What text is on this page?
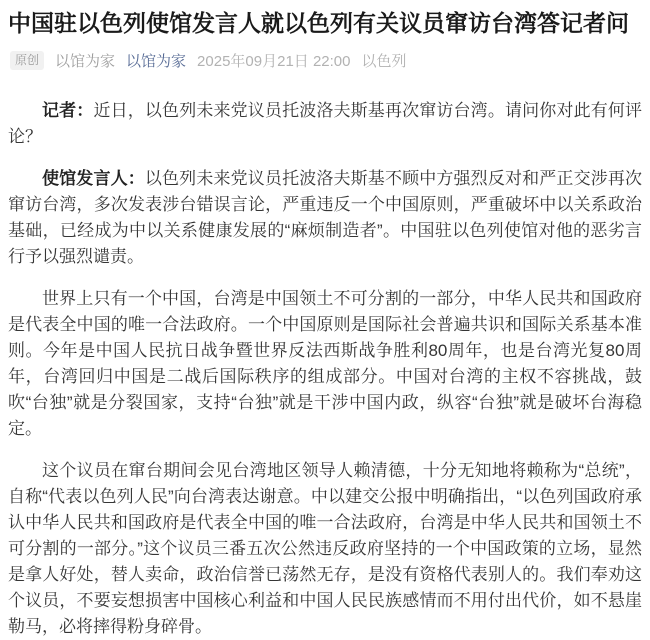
中国驻以色列使馆发言人就以色列有关议员窜访台湾答记者问
原创	以馆为家 以馆为家 2025年09月21日 22:00 以色列

记者：近日，以色列未来党议员托波洛夫斯基再次窜访台湾。请问你对此有何评论？

使馆发言人：以色列未来党议员托波洛夫斯基不顾中方强烈反对和严正交涉再次窜访台湾，多次发表涉台错误言论，严重违反一个中国原则，严重破坏中以关系政治基础，已经成为中以关系健康发展的“麻烦制造者”。中国驻以色列使馆对他的恶劣言行予以强烈谴责。

世界上只有一个中国，台湾是中国领土不可分割的一部分，中华人民共和国政府是代表全中国的唯一合法政府。一个中国原则是国际社会普遍共识和国际关系基本准则。今年是中国人民抗日战争暨世界反法西斯战争胜利80周年，也是台湾光复80周年，台湾回归中国是二战后国际秩序的组成部分。中国对台湾的主权不容挑战，鼓吹“台独”就是分裂国家，支持“台独”就是干涉中国内政，纵容“台独”就是破坏台海稳定。

这个议员在窜台期间会见台湾地区领导人赖清德，十分无知地将赖称为“总统”，自称“代表以色列人民”向台湾表达谢意。中以建交公报中明确指出，“以色列国政府承认中华人民共和国政府是代表全中国的唯一合法政府，台湾是中华人民共和国领土不可分割的一部分。”这个议员三番五次公然违反政府坚持的一个中国政策的立场，显然是拿人好处，替人卖命，政治信誉已荡然无存，是没有资格代表别人的。我们奉劝这个议员，不要妄想损害中国核心利益和中国人民民族感情而不用付出代价，如不悬崖勒马，必将摔得粉身碎骨。
